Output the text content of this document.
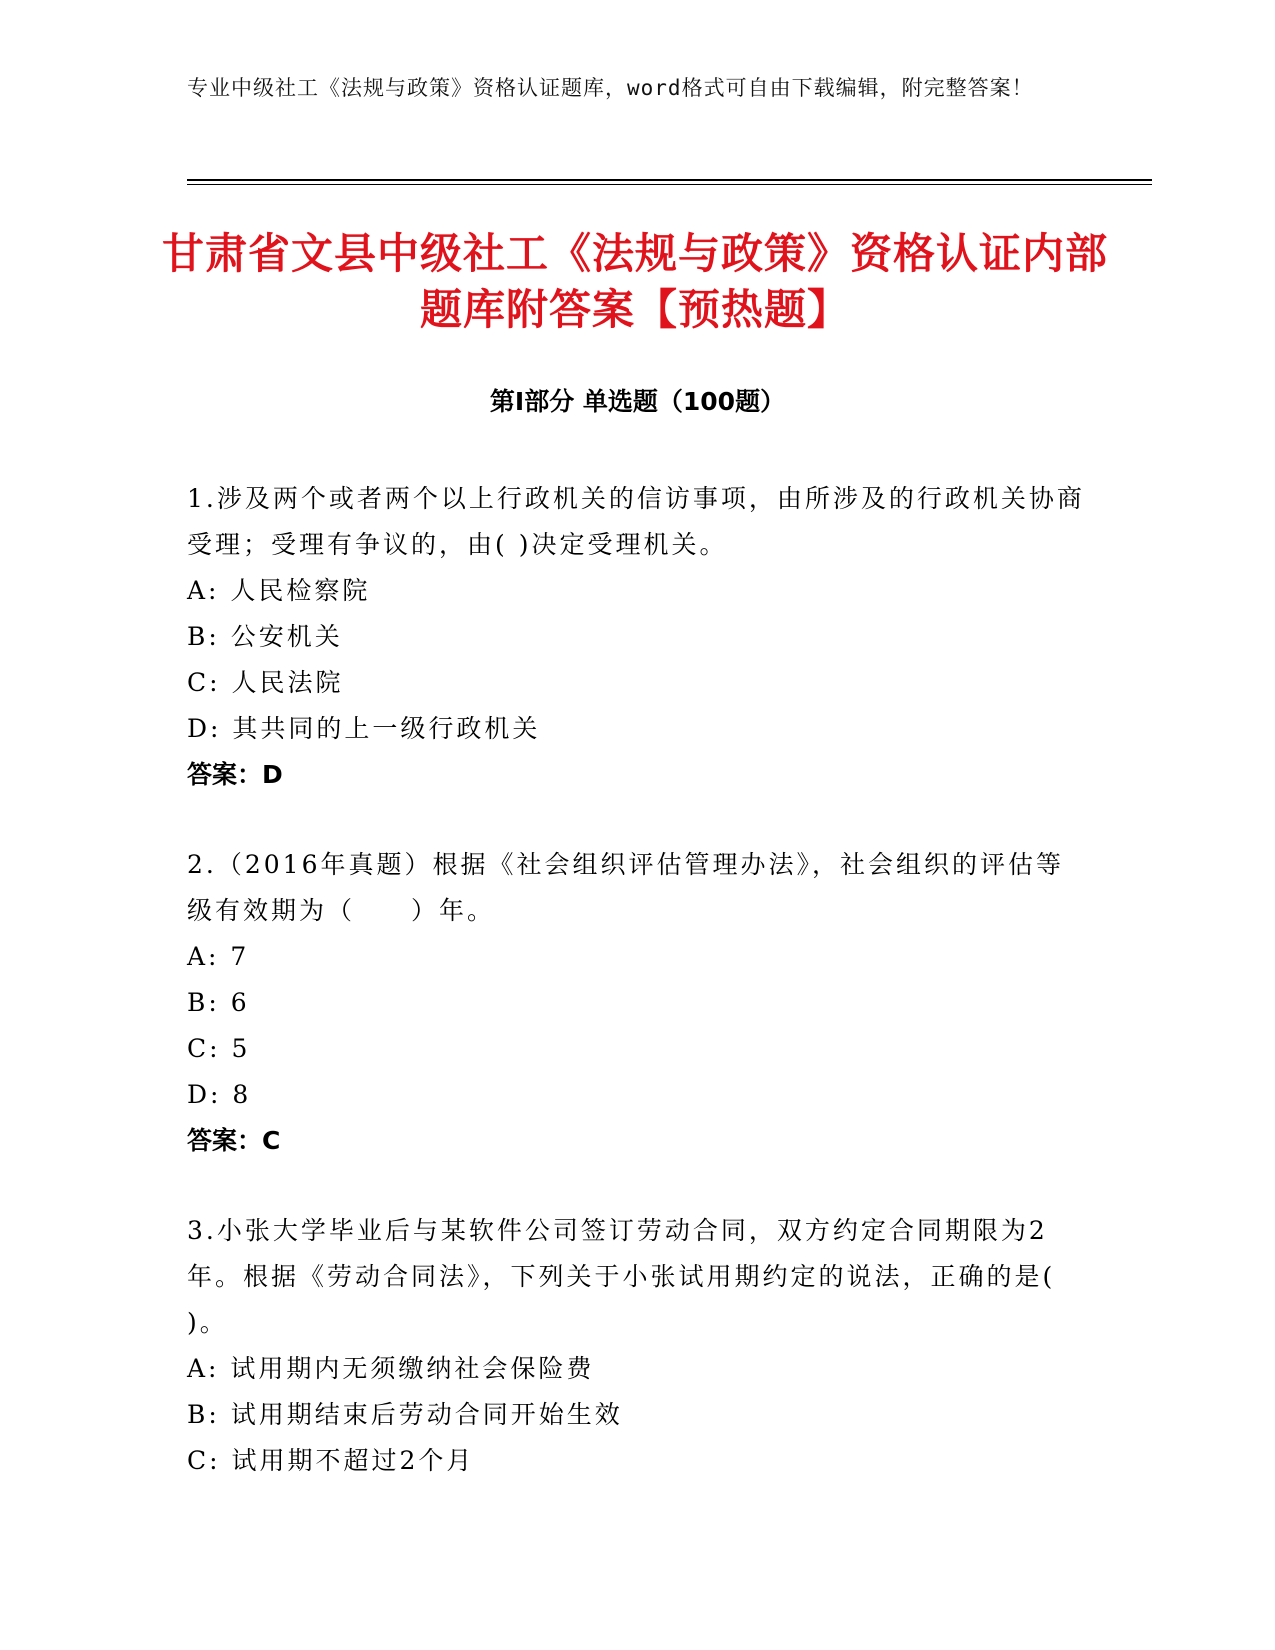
专业中级社工《法规与政策》资格认证题库，word格式可自由下载编辑，附完整答案！
甘肃省文县中级社工《法规与政策》资格认证内部题库附答案【预热题】
第Ⅰ部分 单选题（100题）

1.涉及两个或者两个以上行政机关的信访事项，由所涉及的行政机关协商受理；受理有争议的，由( )决定受理机关。

A: 人民检察院

B: 公安机关

C: 人民法院

D: 其共同的上一级行政机关

答案：D

2.（2016年真题）根据《社会组织评估管理办法》，社会组织的评估等级有效期为（　　）年。

A: 7

B: 6

C: 5

D: 8

答案：C

3.小张大学毕业后与某软件公司签订劳动合同，双方约定合同期限为2年。根据《劳动合同法》，下列关于小张试用期约定的说法，正确的是( )。

A: 试用期内无须缴纳社会保险费

B: 试用期结束后劳动合同开始生效

C: 试用期不超过2个月
